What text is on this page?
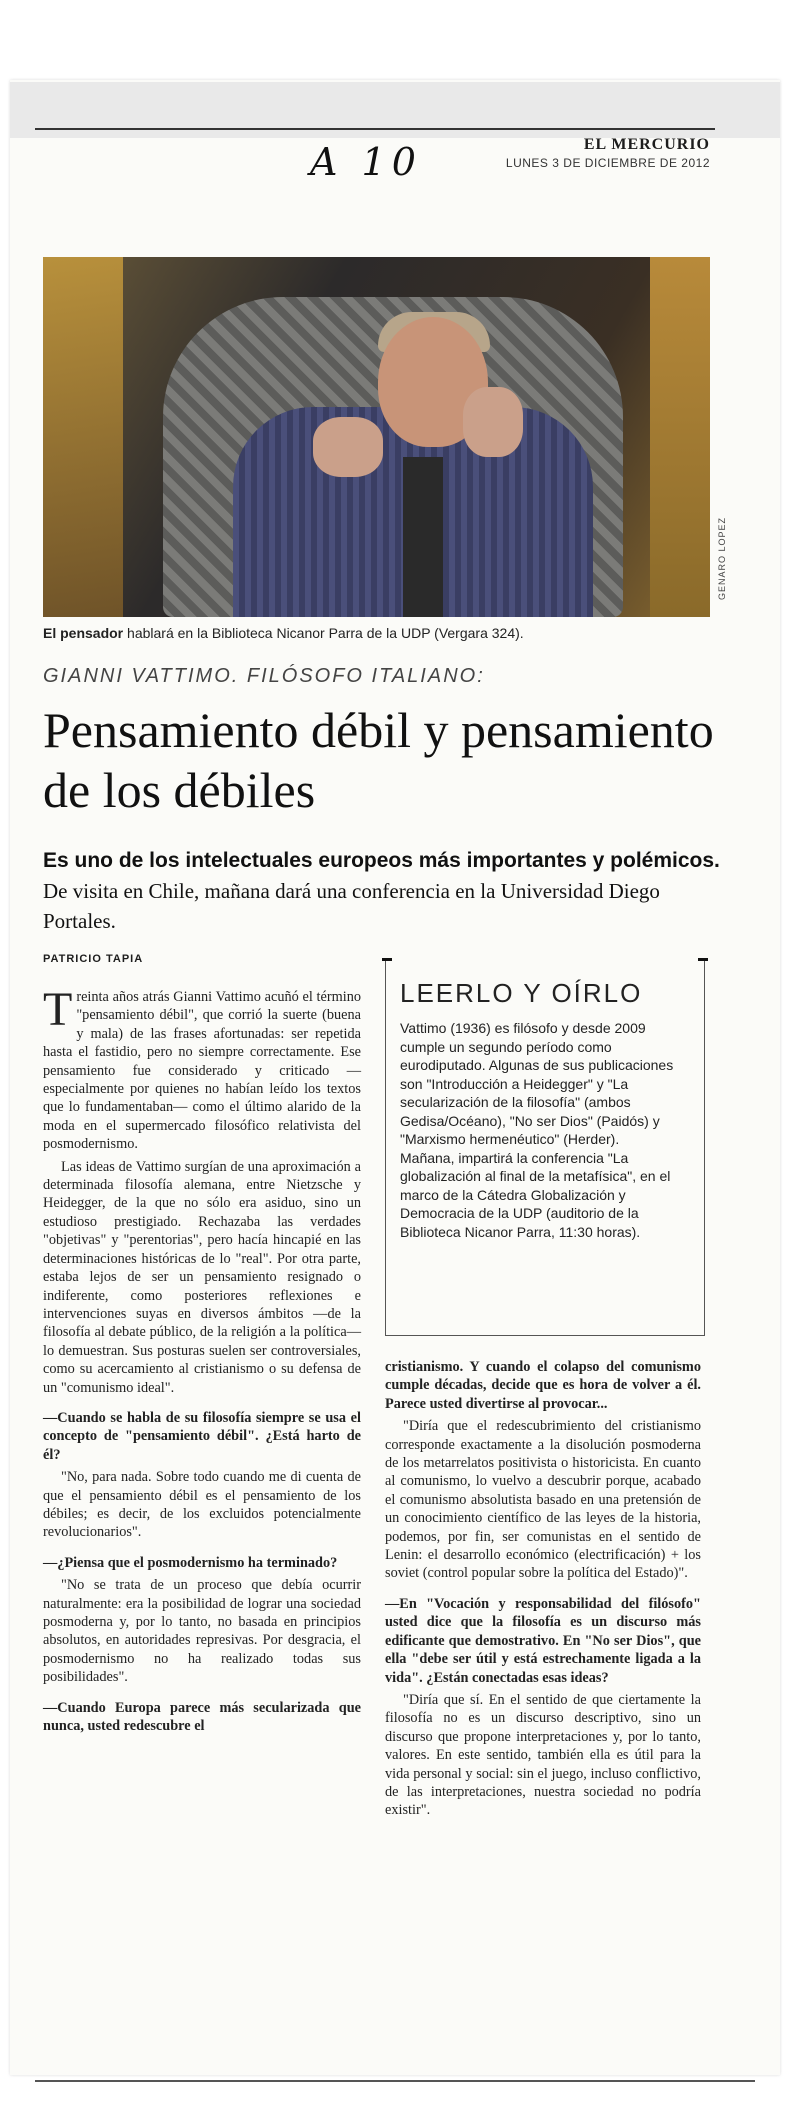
A 10	EL MERCURIO
LUNES 3 DE DICIEMBRE DE 2012
GENARO LOPEZ
El pensador hablará en la Biblioteca Nicanor Parra de la UDP (Vergara 324).
GIANNI VATTIMO. FILÓSOFO ITALIANO:
Pensamiento débil y pensamiento de los débiles
Es uno de los intelectuales europeos más importantes y polémicos. De visita en Chile, mañana dará una conferencia en la Universidad Diego Portales.
PATRICIO TAPIA

Treinta años atrás Gianni Vattimo acuñó el término "pensamiento débil", que corrió la suerte (buena y mala) de las frases afortunadas: ser repetida hasta el fastidio, pero no siempre correctamente. Ese pensamiento fue considerado y criticado —especialmente por quienes no habían leído los textos que lo fundamentaban— como el último alarido de la moda en el supermercado filosófico relativista del posmodernismo.

Las ideas de Vattimo surgían de una aproximación a determinada filosofía alemana, entre Nietzsche y Heidegger, de la que no sólo era asiduo, sino un estudioso prestigiado. Rechazaba las verdades "objetivas" y "perentorias", pero hacía hincapié en las determinaciones históricas de lo "real". Por otra parte, estaba lejos de ser un pensamiento resignado o indiferente, como posteriores reflexiones e intervenciones suyas en diversos ámbitos —de la filosofía al debate público, de la religión a la política— lo demuestran. Sus posturas suelen ser controversiales, como su acercamiento al cristianismo o su defensa de un "comunismo ideal".

—Cuando se habla de su filosofía siempre se usa el concepto de "pensamiento débil". ¿Está harto de él?

"No, para nada. Sobre todo cuando me di cuenta de que el pensamiento débil es el pensamiento de los débiles; es decir, de los excluidos potencialmente revolucionarios".

—¿Piensa que el posmodernismo ha terminado?

"No se trata de un proceso que debía ocurrir naturalmente: era la posibilidad de lograr una sociedad posmoderna y, por lo tanto, no basada en principios absolutos, en autoridades represivas. Por desgracia, el posmodernismo no ha realizado todas sus posibilidades".

—Cuando Europa parece más secularizada que nunca, usted redescubre el

LEERLO Y OÍRLO

Vattimo (1936) es filósofo y desde 2009 cumple un segundo período como eurodiputado. Algunas de sus publicaciones son "Introducción a Heidegger" y "La secularización de la filosofía" (ambos Gedisa/Océano), "No ser Dios" (Paidós) y "Marxismo hermenéutico" (Herder).

Mañana, impartirá la conferencia "La globalización al final de la metafísica", en el marco de la Cátedra Globalización y Democracia de la UDP (auditorio de la Biblioteca Nicanor Parra, 11:30 horas).

cristianismo. Y cuando el colapso del comunismo cumple décadas, decide que es hora de volver a él. Parece usted divertirse al provocar...

"Diría que el redescubrimiento del cristianismo corresponde exactamente a la disolución posmoderna de los metarrelatos positivista o historicista. En cuanto al comunismo, lo vuelvo a descubrir porque, acabado el comunismo absolutista basado en una pretensión de un conocimiento científico de las leyes de la historia, podemos, por fin, ser comunistas en el sentido de Lenin: el desarrollo económico (electrificación) + los soviet (control popular sobre la política del Estado)".

—En "Vocación y responsabilidad del filósofo" usted dice que la filosofía es un discurso más edificante que demostrativo. En "No ser Dios", que ella "debe ser útil y está estrechamente ligada a la vida". ¿Están conectadas esas ideas?

"Diría que sí. En el sentido de que ciertamente la filosofía no es un discurso descriptivo, sino un discurso que propone interpretaciones y, por lo tanto, valores. En este sentido, también ella es útil para la vida personal y social: sin el juego, incluso conflictivo, de las interpretaciones, nuestra sociedad no podría existir".
